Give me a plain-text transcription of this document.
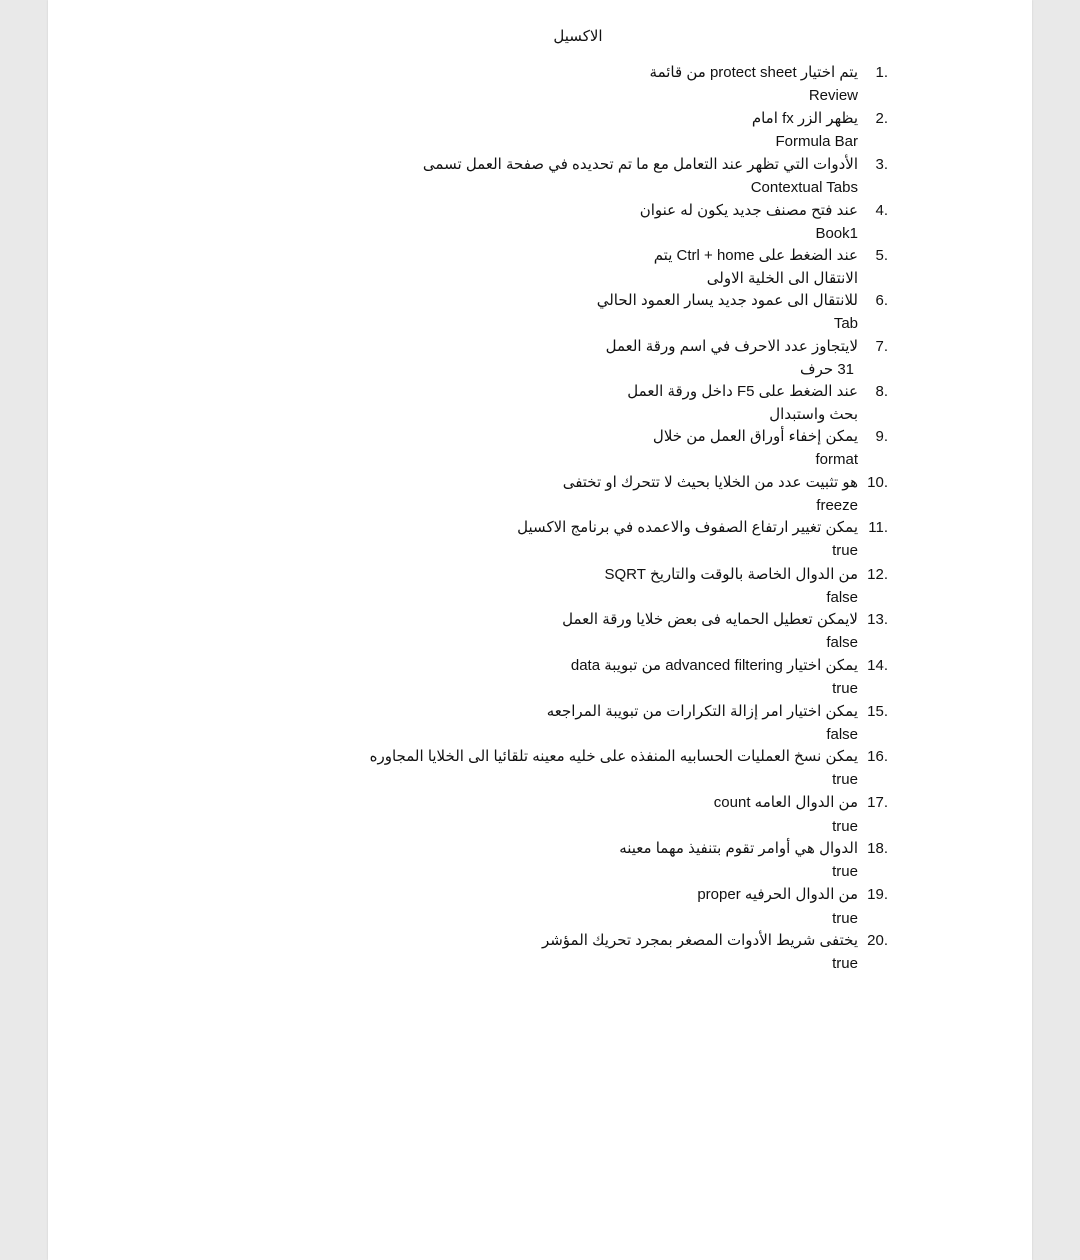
الاكسيل
1.
يتم اختيار protect sheet من قائمة
Review
2.
يظهر الزر fx امام
Formula Bar
3.
الأدوات التي تظهر عند التعامل مع ما تم تحديده في صفحة العمل تسمى
Contextual Tabs
4.
عند فتح مصنف جديد يكون له عنوان
Book1
5.
عند الضغط على Ctrl + home يتم
الانتقال الى الخلية الاولى
6.
للانتقال الى عمود جديد يسار العمود الحالي
Tab
7.
لايتجاوز عدد الاحرف في اسم ورقة العمل
31 حرف
8.
عند الضغط على F5 داخل ورقة العمل
بحث واستبدال
9.
يمكن إخفاء أوراق العمل من خلال
format
10.
هو تثبيت عدد من الخلايا بحيث لا تتحرك او تختفى
freeze
11.
يمكن تغيير ارتفاع الصفوف والاعمده في برنامج الاكسيل
true
12.
من الدوال الخاصة بالوقت والتاريخ SQRT
false
13.
لايمكن تعطيل الحمايه فى بعض خلايا ورقة العمل
false
14.
يمكن اختيار advanced filtering من تبويبة data
true
15.
يمكن اختيار امر إزالة التكرارات من تبويبة المراجعه
false
16.
يمكن نسخ العمليات الحسابيه المنفذه على خليه معينه تلقائيا الى الخلايا المجاوره
true
17.
من الدوال العامه count
true
18.
الدوال هي أوامر تقوم بتنفيذ مهما معينه
true
19.
من الدوال الحرفيه proper
true
20.
يختفى شريط الأدوات المصغر بمجرد تحريك المؤشر
true
